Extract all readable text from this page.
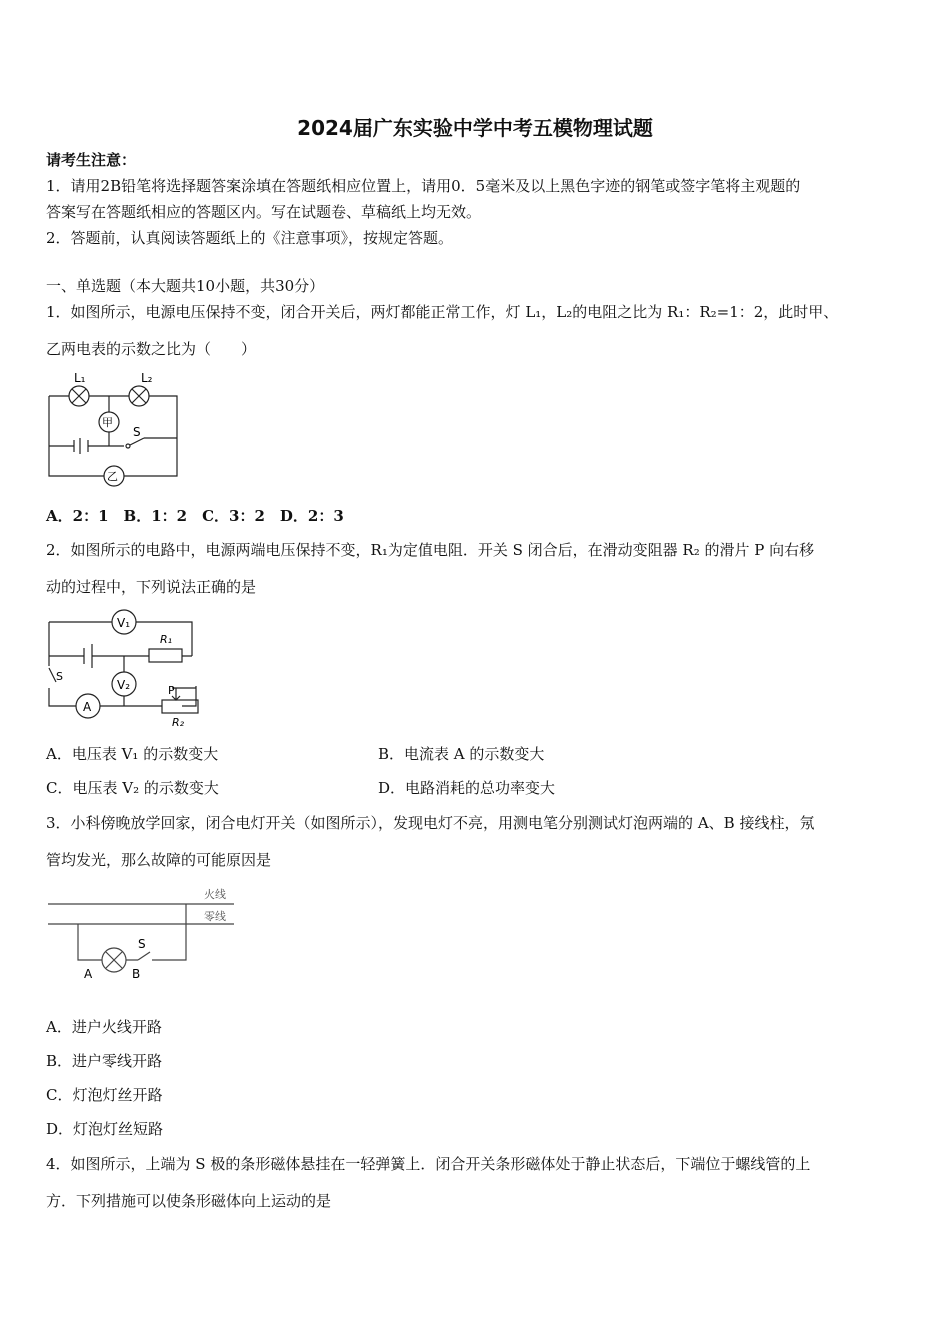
2024届广东实验中学中考五模物理试题
请考生注意：
1．请用2B铅笔将选择题答案涂填在答题纸相应位置上，请用0．5毫米及以上黑色字迹的钢笔或签字笔将主观题的
答案写在答题纸相应的答题区内。写在试题卷、草稿纸上均无效。
2．答题前，认真阅读答题纸上的《注意事项》，按规定答题。
一、单选题（本大题共10小题，共30分）
1．如图所示，电源电压保持不变，闭合开关后，两灯都能正常工作，灯 L₁，L₂的电阻之比为 R₁：R₂=1：2，此时甲、
乙两电表的示数之比为（　　）
L₁	L₂
甲
S
乙
A．2：1　B．1：2　C．3：2　D．2：3
2．如图所示的电路中，电源两端电压保持不变，R₁为定值电阻．开关 S 闭合后，在滑动变阻器 R₂ 的滑片 P 向右移
动的过程中，下列说法正确的是
V₁
R₁
S
V₂	P
A
R₂
A．电压表 V₁ 的示数变大	B．电流表 A 的示数变大
C．电压表 V₂ 的示数变大	D．电路消耗的总功率变大
3．小科傍晚放学回家，闭合电灯开关（如图所示），发现电灯不亮，用测电笔分别测试灯泡两端的 A、B 接线柱，氖
管均发光，那么故障的可能原因是
火线
零线
S
A	B
A．进户火线开路
B．进户零线开路
C．灯泡灯丝开路
D．灯泡灯丝短路
4．如图所示，上端为 S 极的条形磁体悬挂在一轻弹簧上．闭合开关条形磁体处于静止状态后，下端位于螺线管的上
方．下列措施可以使条形磁体向上运动的是
